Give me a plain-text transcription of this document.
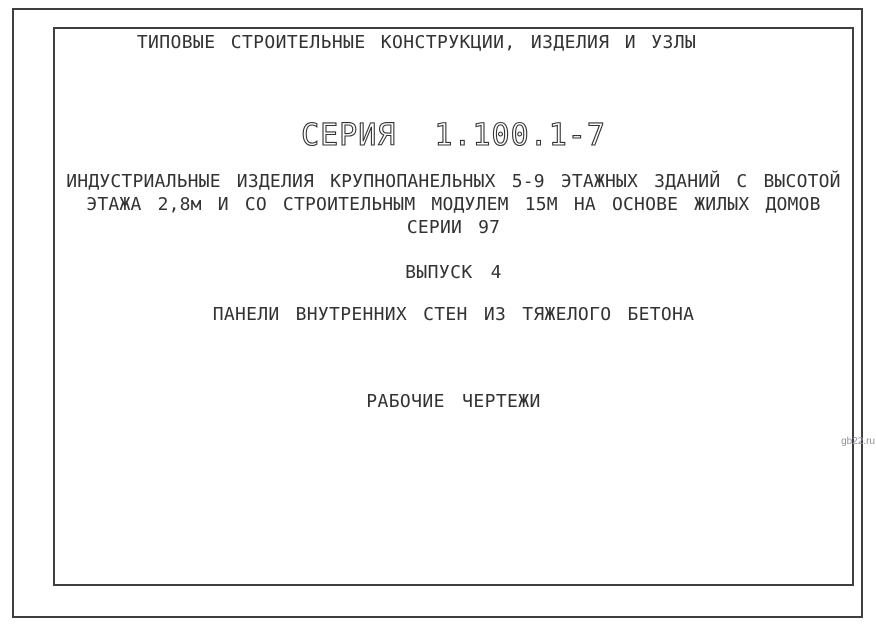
ТИПОВЫЕ СТРОИТЕЛЬНЫЕ КОНСТРУКЦИИ, ИЗДЕЛИЯ И УЗЛЫ
СЕРИЯ 1.100.1-7
ИНДУСТРИАЛЬНЫЕ ИЗДЕЛИЯ КРУПНОПАНЕЛЬНЫХ 5-9 ЭТАЖНЫХ ЗДАНИЙ С ВЫСОТОЙ
ЭТАЖА 2,8м И СО СТРОИТЕЛЬНЫМ МОДУЛЕМ 15М НА ОСНОВЕ ЖИЛЫХ ДОМОВ
СЕРИИ 97
ВЫПУСК 4
ПАНЕЛИ ВНУТРЕННИХ СТЕН ИЗ ТЯЖЕЛОГО БЕТОНА
РАБОЧИЕ ЧЕРТЕЖИ
gb22.ru
